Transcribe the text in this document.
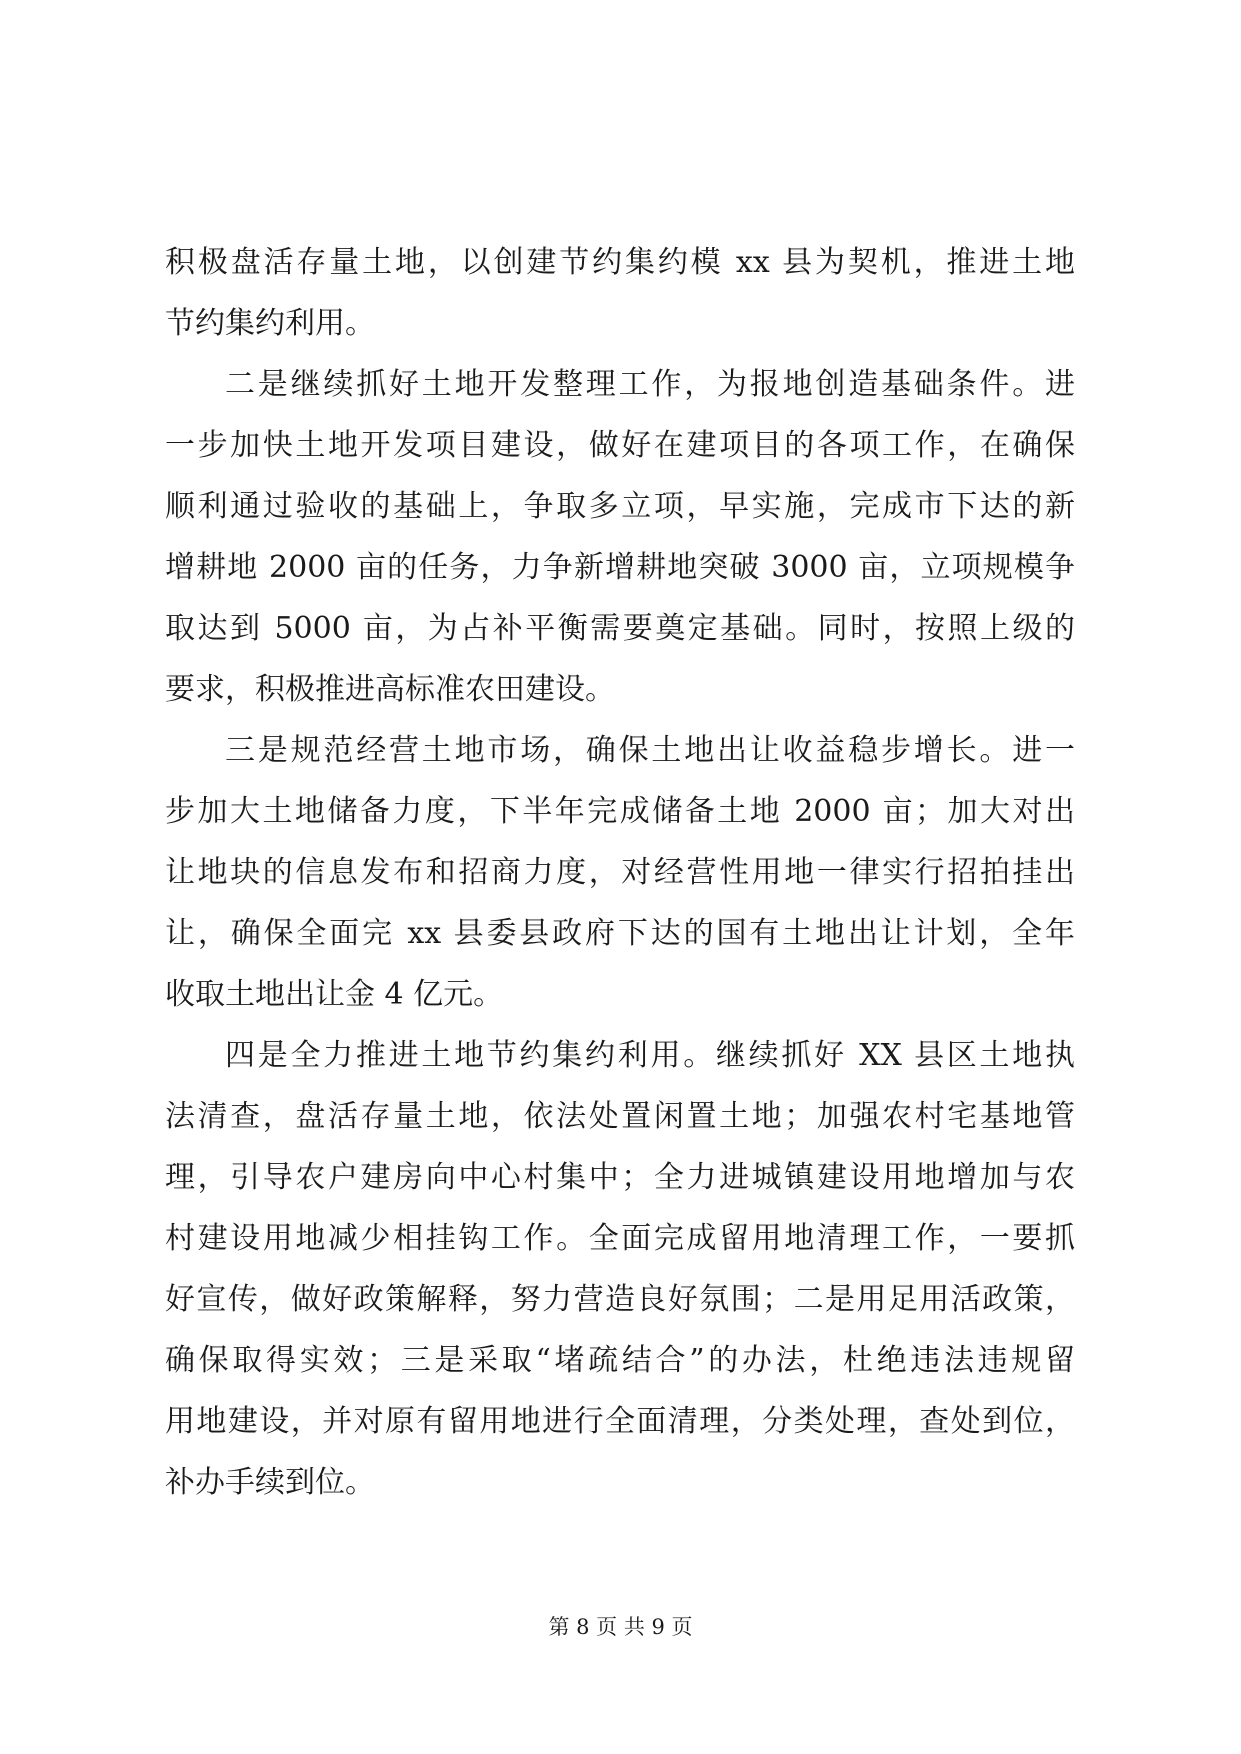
积极盘活存量土地，以创建节约集约模 xx 县为契机，推进土地
节约集约利用。
二是继续抓好土地开发整理工作，为报地创造基础条件。进
一步加快土地开发项目建设，做好在建项目的各项工作，在确保
顺利通过验收的基础上，争取多立项，早实施，完成市下达的新
增耕地 2000 亩的任务，力争新增耕地突破 3000 亩，立项规模争
取达到 5000 亩，为占补平衡需要奠定基础。同时，按照上级的
要求，积极推进高标准农田建设。
三是规范经营土地市场，确保土地出让收益稳步增长。进一
步加大土地储备力度，下半年完成储备土地 2000 亩；加大对出
让地块的信息发布和招商力度，对经营性用地一律实行招拍挂出
让，确保全面完 xx 县委县政府下达的国有土地出让计划，全年
收取土地出让金 4 亿元。
四是全力推进土地节约集约利用。继续抓好 XX 县区土地执
法清查，盘活存量土地，依法处置闲置土地；加强农村宅基地管
理，引导农户建房向中心村集中；全力进城镇建设用地增加与农
村建设用地减少相挂钩工作。全面完成留用地清理工作，一要抓
好宣传，做好政策解释，努力营造良好氛围；二是用足用活政策，
确保取得实效；三是采取“堵疏结合”的办法，杜绝违法违规留
用地建设，并对原有留用地进行全面清理，分类处理，查处到位，
补办手续到位。
第 8 页 共 9 页
